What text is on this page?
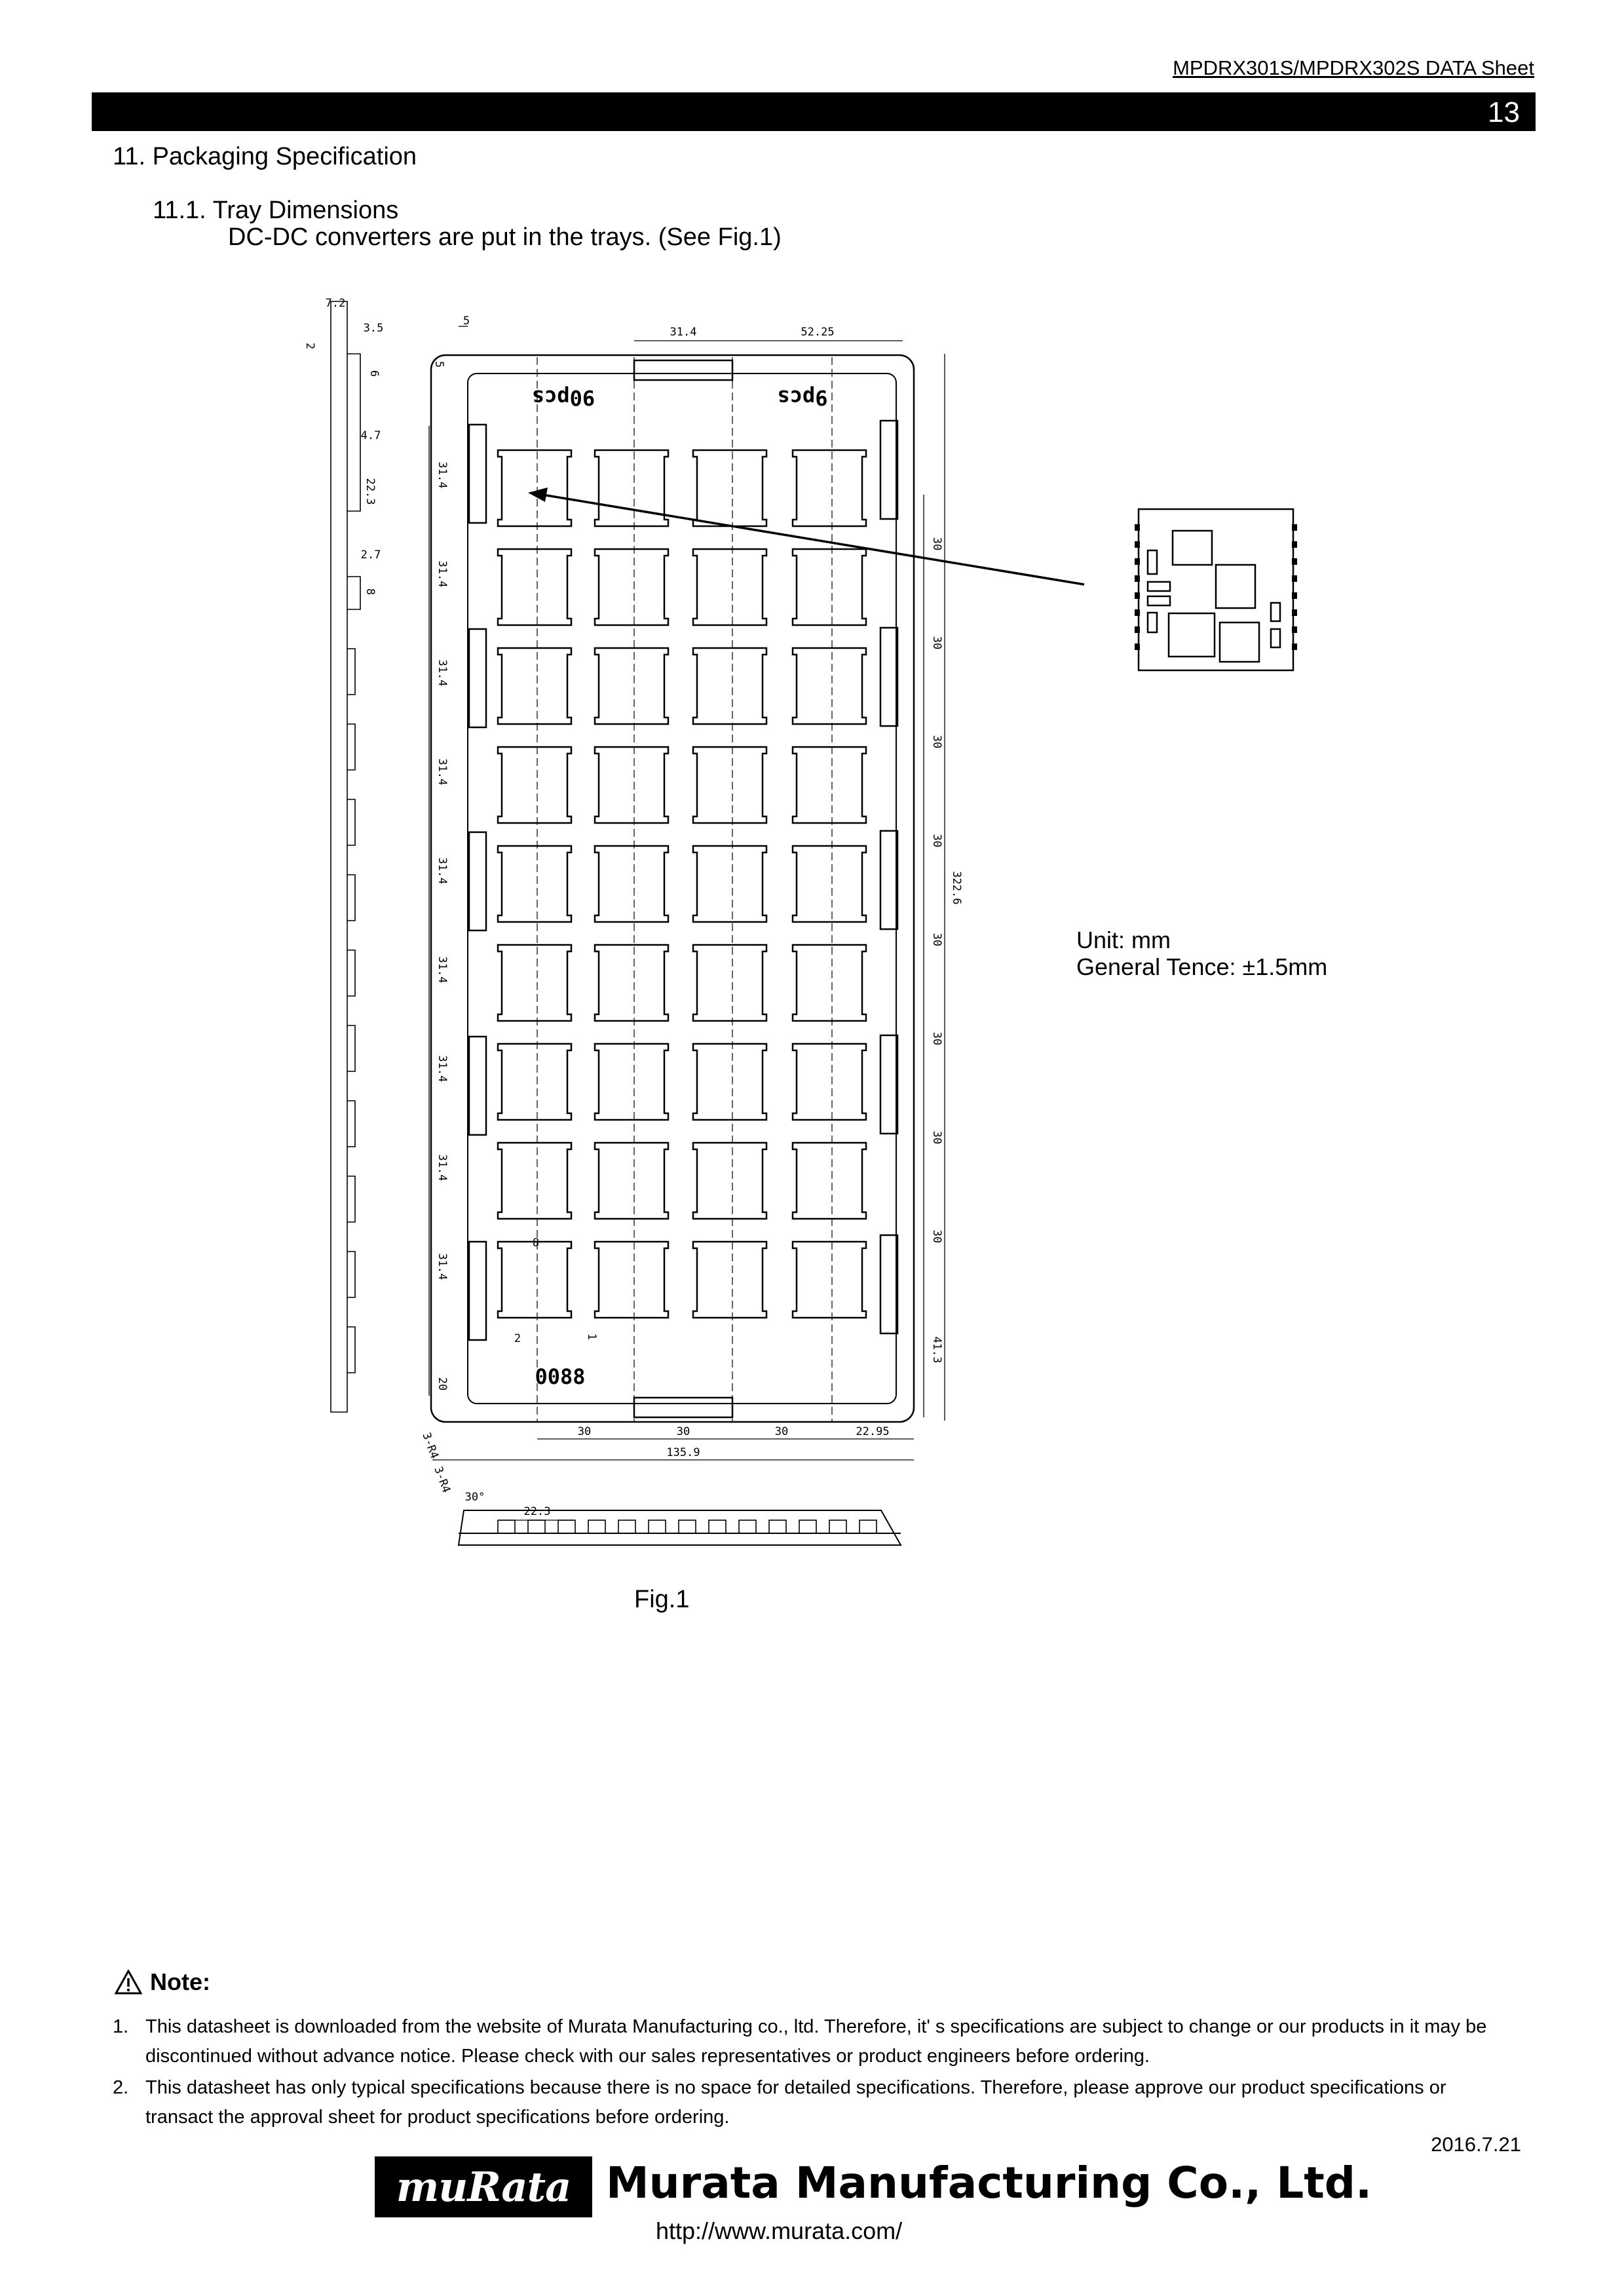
MPDRX301S/MPDRX302S DATA Sheet
13
11. Packaging Specification
11.1. Tray Dimensions
DC-DC converters are put in the trays. (See Fig.1)
90pcs	9pcs
0088
5
31.4	52.25
5
7.2
3.5
2
6
4.7
22.3
2.7
8
31.4
31.4
31.4
31.4
31.4
31.4
31.4
31.4
31.4
20
30
30
30
30
30
30
30
30
41.3
322.6
30	30	30	22.95
135.9
3-R4
3-R4
2	1
8
30°
22.3
Unit: mm
General Tence: ±1.5mm
Fig.1
Note:
1. This datasheet is downloaded from the website of Murata Manufacturing co., ltd. Therefore, it' s specifications are subject to change or our products in it may be discontinued without advance notice. Please check with our sales representatives or product engineers before ordering.
2. This datasheet has only typical specifications because there is no space for detailed specifications. Therefore, please approve our product specifications or transact the approval sheet for product specifications before ordering.
2016.7.21
muRata Murata Manufacturing Co., Ltd.
http://www.murata.com/
